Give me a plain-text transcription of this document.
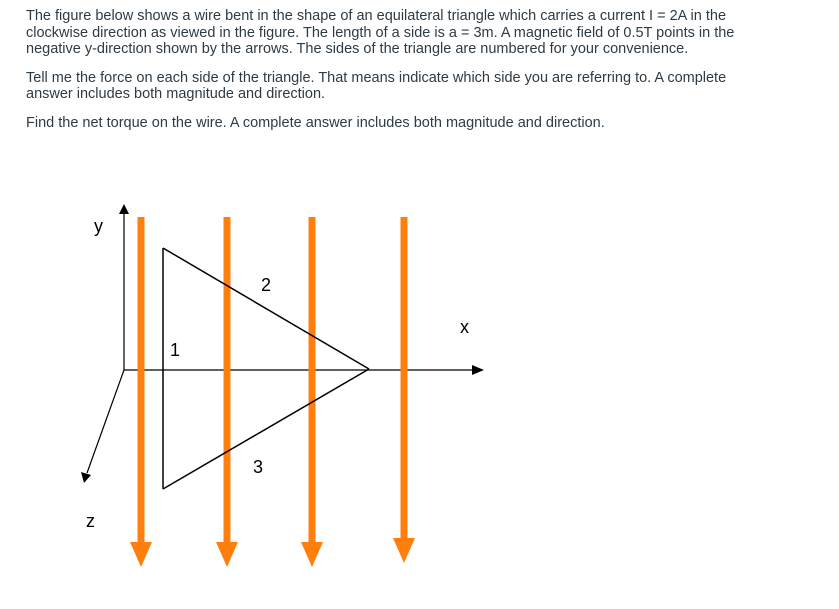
The figure below shows a wire bent in the shape of an equilateral triangle which carries a current I = 2A in the clockwise direction as viewed in the figure. The length of a side is a = 3m. A magnetic field of 0.5T points in the negative y-direction shown by the arrows. The sides of the triangle are numbered for your convenience.

Tell me the force on each side of the triangle. That means indicate which side you are referring to. A complete answer includes both magnitude and direction.

Find the net torque on the wire. A complete answer includes both magnitude and direction.

y
x
z
1
2
3
